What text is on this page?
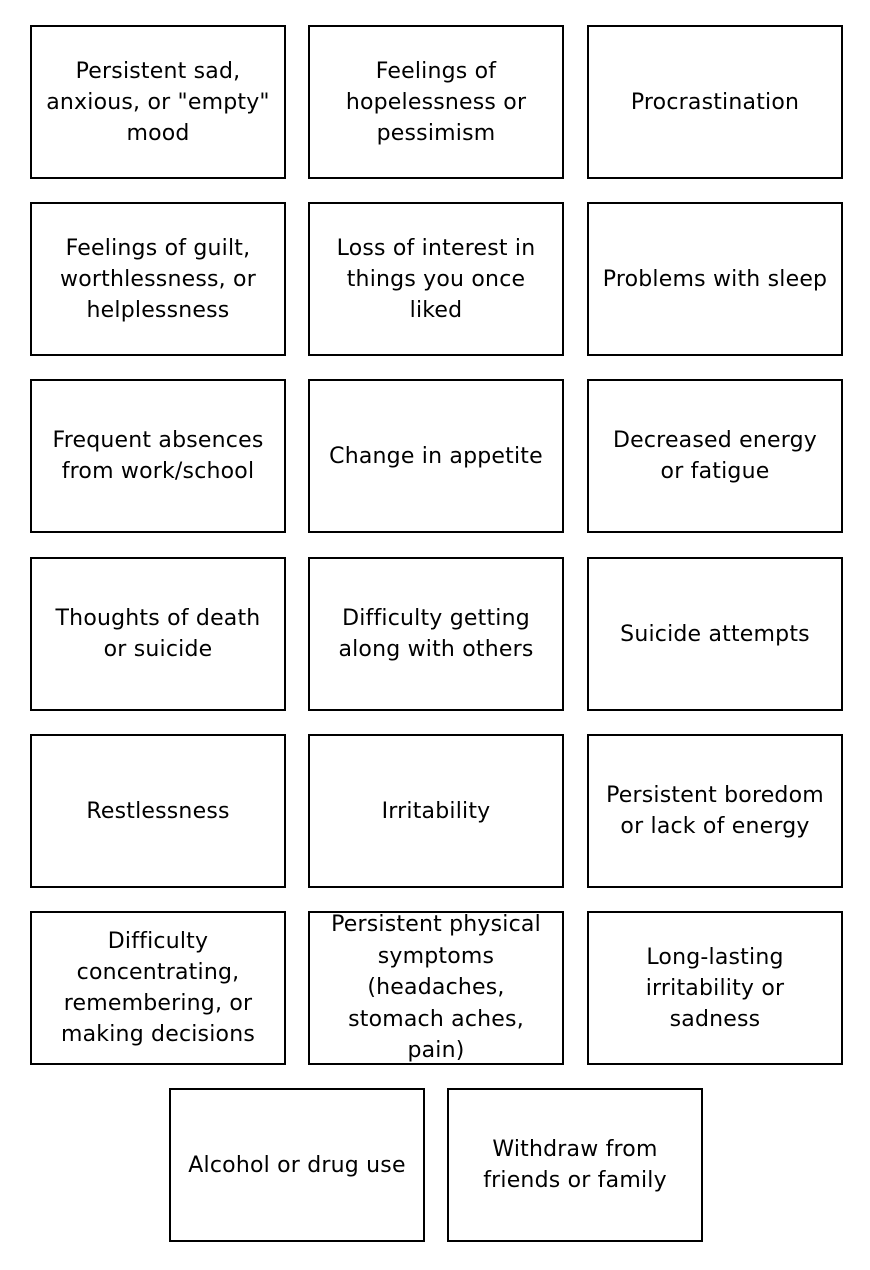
Persistent sad,
anxious, or "empty"
mood
Feelings of
hopelessness or
pessimism
Procrastination
Feelings of guilt,
worthlessness, or
helplessness
Loss of interest in
things you once
liked
Problems with sleep
Frequent absences
from work/school
Change in appetite
Decreased energy
or fatigue
Thoughts of death
or suicide
Difficulty getting
along with others
Suicide attempts
Restlessness	Irritability
Persistent boredom
or lack of energy
Difficulty
concentrating,
remembering, or
making decisions
Persistent physical
symptoms
(headaches,
stomach aches,
pain)
Long-lasting
irritability or
sadness
Alcohol or drug use
Withdraw from
friends or family
